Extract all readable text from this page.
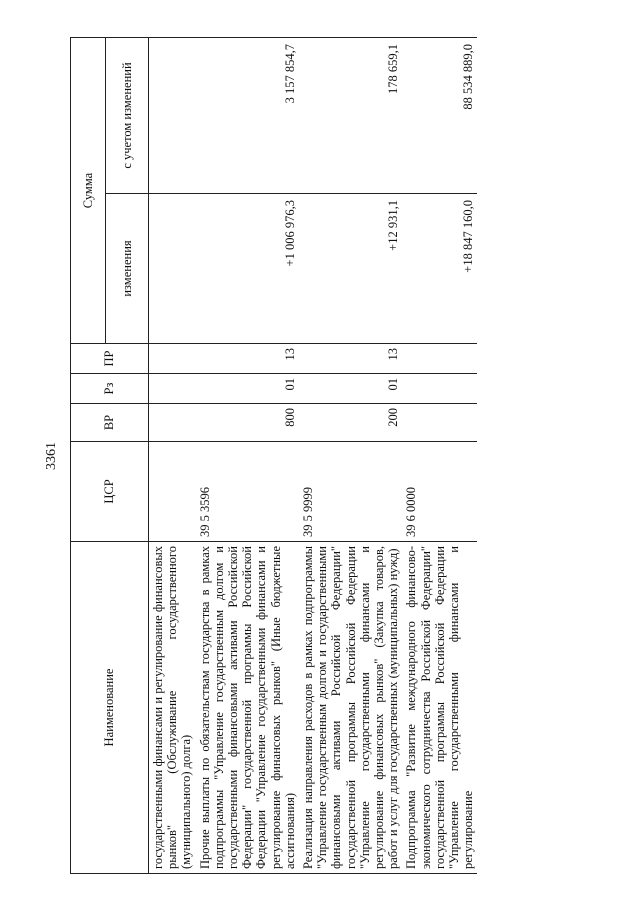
3361
Наименование	ЦСР	ВР	Рз	ПР	Сумма	
					изменения	с учетом изменений
государственными финансами и регулирование финансовых рынков" (Обслуживание государственного (муниципального) долга)						
Прочие выплаты по обязательствам государства в рамках подпрограммы "Управление государственным долгом и государственными финансовыми активами Российской Федерации" государственной программы Российской Федерации "Управление государственными финансами и регулирование финансовых рынков" (Иные бюджетные ассигнования)	39 5 3596	800	01	13	+1 006 976,3	3 157 854,7
Реализация направления расходов в рамках подпрограммы "Управление государственным долгом и государственными финансовыми активами Российской Федерации" государственной программы Российской Федерации "Управление государственными финансами и регулирование финансовых рынков" (Закупка товаров, работ и услуг для государственных (муниципальных) нужд)	39 5 9999	200	01	13	+12 931,1	178 659,1
Подпрограмма "Развитие международного финансово-экономического сотрудничества Российской Федерации" государственной программы Российской Федерации "Управление государственными финансами и регулирование	39 6 0000				+18 847 160,0	88 534 889,0
